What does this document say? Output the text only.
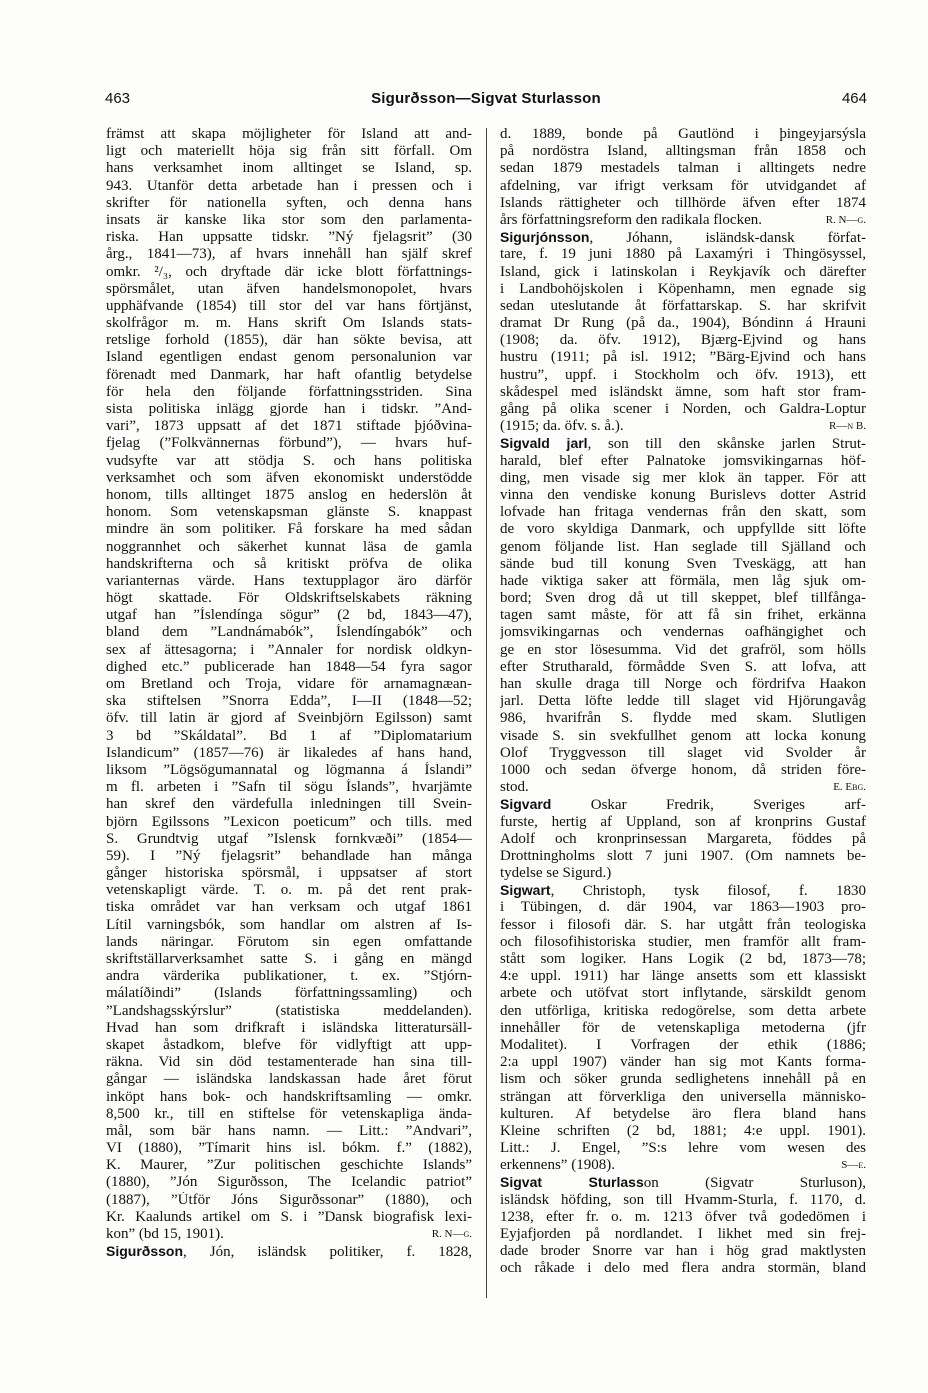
463	Sigurðsson—Sigvat Sturlasson	464
främst att skapa möjligheter för Island att and-
ligt och materiellt höja sig från sitt förfall. Om
hans verksamhet inom alltinget se Island, sp.
943. Utanför detta arbetade han i pressen och i
skrifter för nationella syften, och denna hans
insats är kanske lika stor som den parlamenta-
riska. Han uppsatte tidskr. ”Ný fjelagsrit” (30
årg., 1841—73), af hvars innehåll han själf skref
omkr. ²/₃, och dryftade där icke blott författnings-
spörsmålet, utan äfven handelsmonopolet, hvars
upphäfvande (1854) till stor del var hans förtjänst,
skolfrågor m. m. Hans skrift Om Islands stats-
retslige forhold (1855), där han sökte bevisa, att
Island egentligen endast genom personalunion var
förenadt med Danmark, har haft ofantlig betydelse
för hela den följande författningsstriden. Sina
sista politiska inlägg gjorde han i tidskr. ”And-
vari”, 1873 uppsatt af det 1871 stiftade þjóðvina-
fjelag (”Folkvännernas förbund”), — hvars huf-
vudsyfte var att stödja S. och hans politiska
verksamhet och som äfven ekonomiskt understödde
honom, tills alltinget 1875 anslog en hederslön åt
honom. Som vetenskapsman glänste S. knappast
mindre än som politiker. Få forskare ha med sådan
noggrannhet och säkerhet kunnat läsa de gamla
handskrifterna och så kritiskt pröfva de olika
varianternas värde. Hans textupplagor äro därför
högt skattade. För Oldskriftselskabets räkning
utgaf han ”Íslendínga sögur” (2 bd, 1843—47),
bland dem ”Landnámabók”, Íslendíngabók” och
sex af ättesagorna; i ”Annaler for nordisk oldkyn-
dighed etc.” publicerade han 1848—54 fyra sagor
om Bretland och Troja, vidare för arnamagnæan-
ska stiftelsen ”Snorra Edda”, I—II (1848—52;
öfv. till latin är gjord af Sveinbjörn Egilsson) samt
3 bd ”Skáldatal”. Bd 1 af ”Diplomatarium
Islandicum” (1857—76) är likaledes af hans hand,
liksom ”Lögsögumannatal og lögmanna á Íslandi”
m fl. arbeten i ”Safn til sögu Íslands”, hvarjämte
han skref den värdefulla inledningen till Svein-
björn Egilssons ”Lexicon poeticum” och tills. med
S. Grundtvig utgaf ”Islensk fornkvæði” (1854—
59). I ”Ný fjelagsrit” behandlade han många
gånger historiska spörsmål, i uppsatser af stort
vetenskapligt värde. T. o. m. på det rent prak-
tiska området var han verksam och utgaf 1861
Lítil varningsbók, som handlar om alstren af Is-
lands näringar. Förutom sin egen omfattande
skriftställarverksamhet satte S. i gång en mängd
andra värderika publikationer, t. ex. ”Stjórn-
málatíðindi” (Islands författningssamling) och
”Landshagsskýrslur” (statistiska meddelanden).
Hvad han som drifkraft i isländska litteratursäll-
skapet åstadkom, blefve för vidlyftigt att upp-
räkna. Vid sin död testamenterade han sina till-
gångar — isländska landskassan hade året förut
inköpt hans bok- och handskriftsamling — omkr.
8,500 kr., till en stiftelse för vetenskapliga ända-
mål, som bär hans namn. — Litt.: ”Andvari”,
VI (1880), ”Tímarit hins isl. bókm. f.” (1882),
K. Maurer, ”Zur politischen geschichte Islands”
(1880), ”Jón Sigurðsson, The Icelandic patriot”
(1887), ”Útför Jóns Sigurðssonar” (1880), och
Kr. Kaalunds artikel om S. i ”Dansk biografisk lexi-
kon” (bd 15, 1901).	R. N—g.
Sigurðsson, Jón, isländsk politiker, f. 1828,
d. 1889, bonde på Gautlönd i þingeyjarsýsla
på nordöstra Island, alltingsman från 1858 och
sedan 1879 mestadels talman i alltingets nedre
afdelning, var ifrigt verksam för utvidgandet af
Islands rättigheter och tillhörde äfven efter 1874
års författningsreform den radikala flocken.	R. N—g.
Sigurjónsson, Jóhann, isländsk-dansk förfat-
tare, f. 19 juni 1880 på Laxamýri i Thingösyssel,
Island, gick i latinskolan i Reykjavík och därefter
i Landbohöjskolen i Köpenhamn, men egnade sig
sedan uteslutande åt författarskap. S. har skrifvit
dramat Dr Rung (på da., 1904), Bóndinn á Hrauni
(1908; da. öfv. 1912), Bjærg-Ejvind og hans
hustru (1911; på isl. 1912; ”Bärg-Ejvind och hans
hustru”, uppf. i Stockholm och öfv. 1913), ett
skådespel med isländskt ämne, som haft stor fram-
gång på olika scener i Norden, och Galdra-Loptur
(1915; da. öfv. s. å.).	R—n B.
Sigvald jarl, son till den skånske jarlen Strut-
harald, blef efter Palnatoke jomsvikingarnas höf-
ding, men visade sig mer klok än tapper. För att
vinna den vendiske konung Burislevs dotter Astrid
lofvade han fritaga vendernas från den skatt, som
de voro skyldiga Danmark, och uppfyllde sitt löfte
genom följande list. Han seglade till Själland och
sände bud till konung Sven Tveskägg, att han
hade viktiga saker att förmäla, men låg sjuk om-
bord; Sven drog då ut till skeppet, blef tillfånga-
tagen samt måste, för att få sin frihet, erkänna
jomsvikingarnas och vendernas oafhängighet och
ge en stor lösesumma. Vid det grafröl, som hölls
efter Strutharald, förmådde Sven S. att lofva, att
han skulle draga till Norge och fördrifva Haakon
jarl. Detta löfte ledde till slaget vid Hjörungavåg
986, hvarifrån S. flydde med skam. Slutligen
visade S. sin svekfullhet genom att locka konung
Olof Tryggvesson till slaget vid Svolder år
1000 och sedan öfverge honom, då striden före-
stod.	E. Ebg.
Sigvard Oskar Fredrik, Sveriges arf-
furste, hertig af Uppland, son af kronprins Gustaf
Adolf och kronprinsessan Margareta, föddes på
Drottningholms slott 7 juni 1907. (Om namnets be-
tydelse se Sigurd.)
Sigwart, Christoph, tysk filosof, f. 1830
i Tübingen, d. där 1904, var 1863—1903 pro-
fessor i filosofi där. S. har utgått från teologiska
och filosofihistoriska studier, men framför allt fram-
stått som logiker. Hans Logik (2 bd, 1873—78;
4:e uppl. 1911) har länge ansetts som ett klassiskt
arbete och utöfvat stort inflytande, särskildt genom
den utförliga, kritiska redogörelse, som detta arbete
innehåller för de vetenskapliga metoderna (jfr
Modalitet). I Vorfragen der ethik (1886;
2:a uppl 1907) vänder han sig mot Kants formа-
lism och söker grunda sedlighetens innehåll på en
strängan att förverkliga den universella människo-
kulturen. Af betydelse äro flera bland hans
Kleine schriften (2 bd, 1881; 4:e uppl. 1901).
Litt.: J. Engel, ”S:s lehre vom wesen des
erkennens” (1908).	S—e.
Sigvat Sturlasson (Sigvatr Sturluson),
isländsk höfding, son till Hvamm-Sturla, f. 1170, d.
1238, efter fr. o. m. 1213 öfver två godedömen i
Eyjafjorden på nordlandet. I likhet med sin frej-
dade broder Snorre var han i hög grad maktlysten
och råkade i delo med flera andra stormän, bland
